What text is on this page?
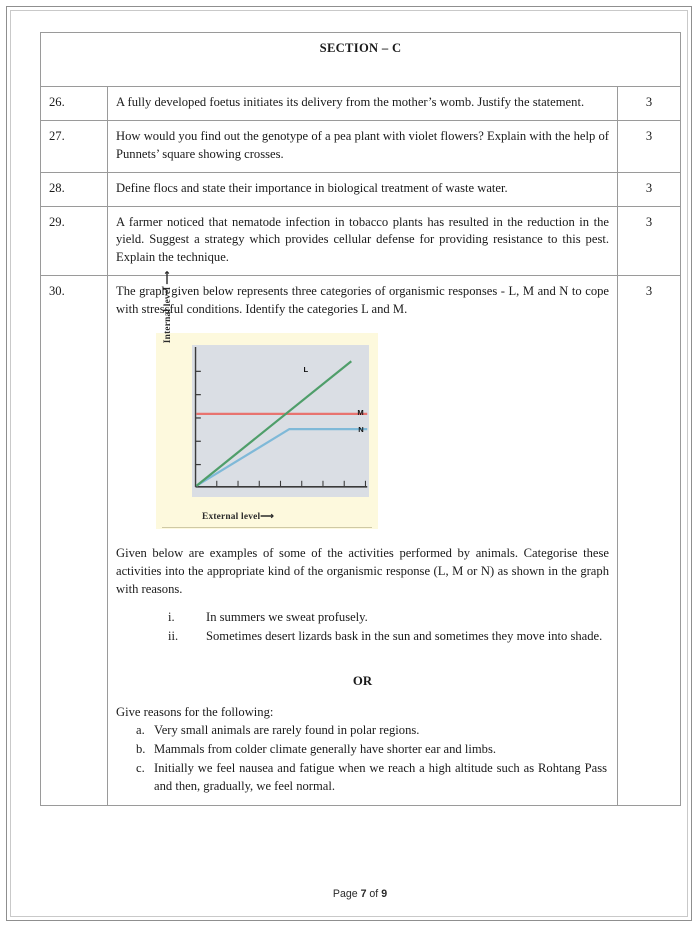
SECTION – C		
26.	A fully developed foetus initiates its delivery from the mother’s womb. Justify the statement.	3
27.	How would you find out the genotype of a pea plant with violet flowers? Explain with the help of Punnets’ square showing crosses.	3
28.	Define flocs and state their importance in biological treatment of waste water.	3
29.	A farmer noticed that nematode infection in tobacco plants has resulted in the reduction in the yield. Suggest a strategy which provides cellular defense for providing resistance to this pest. Explain the technique.	3
30.	The graph given below represents three categories of organismic responses - L, M and N to cope with stressful conditions. Identify the categories L and M.

Internal level ⟶
L
M
N
External level⟶

Given below are examples of some of the activities performed by animals. Categorise these activities into the appropriate kind of the organismic response (L, M or N) as shown in the graph with reasons.

i.	In summers we sweat profusely.
ii.	Sometimes desert lizards bask in the sun and sometimes they move into shade.
OR

Give reasons for the following:

a. Very small animals are rarely found in polar regions.
b. Mammals from colder climate generally have shorter ear and limbs.
c. Initially we feel nausea and fatigue when we reach a high altitude such as Rohtang Pass and then, gradually, we feel normal.
	3
Page 7 of 9
